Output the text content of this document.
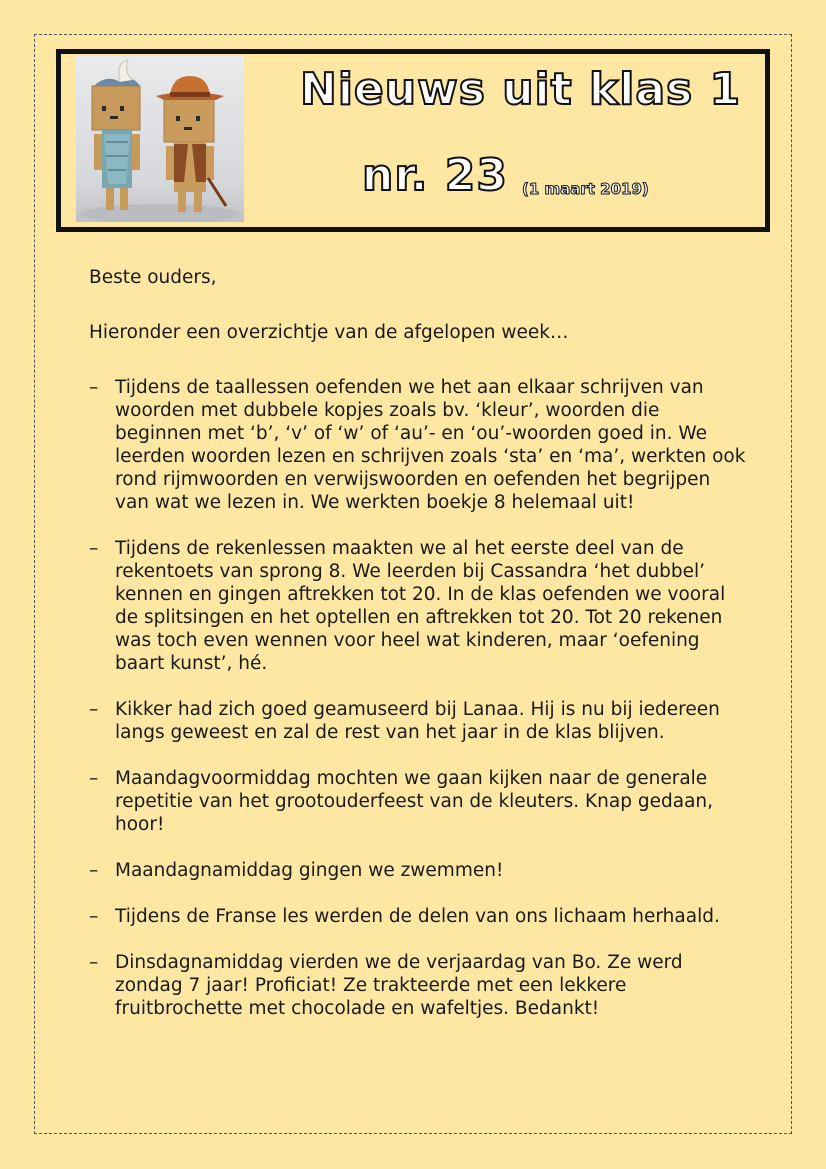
Nieuws uit klas 1
nr. 23 (1 maart 2019)

Beste ouders,

Hieronder een overzichtje van de afgelopen week…

– Tijdens de taallessen oefenden we het aan elkaar schrijven van woorden met dubbele kopjes zoals bv. ‘kleur’, woorden die beginnen met ‘b’, ‘v’ of ‘w’ of ‘au’- en ‘ou’-woorden goed in. We leerden woorden lezen en schrijven zoals ‘sta’ en ‘ma’, werkten ook rond rijmwoorden en verwijswoorden en oefenden het begrijpen van wat we lezen in. We werkten boekje 8 helemaal uit!
– Tijdens de rekenlessen maakten we al het eerste deel van de rekentoets van sprong 8. We leerden bij Cassandra ‘het dubbel’ kennen en gingen aftrekken tot 20. In de klas oefenden we vooral de splitsingen en het optellen en aftrekken tot 20. Tot 20 rekenen was toch even wennen voor heel wat kinderen, maar ‘oefening baart kunst’, hé.
– Kikker had zich goed geamuseerd bij Lanaa. Hij is nu bij iedereen langs geweest en zal de rest van het jaar in de klas blijven.
– Maandagvoormiddag mochten we gaan kijken naar de generale repetitie van het grootouderfeest van de kleuters. Knap gedaan, hoor!
– Maandagnamiddag gingen we zwemmen!
– Tijdens de Franse les werden de delen van ons lichaam herhaald.
– Dinsdagnamiddag vierden we de verjaardag van Bo. Ze werd zondag 7 jaar! Proficiat! Ze trakteerde met een lekkere fruitbrochette met chocolade en wafeltjes. Bedankt!
